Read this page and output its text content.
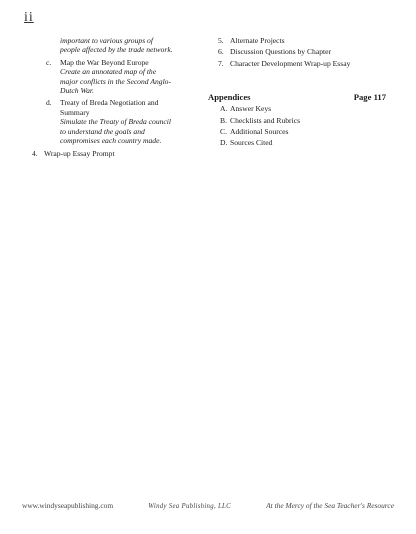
ii
important to various groups of
people affected by the trade network.
c. Map the War Beyond Europe
Create an annotated map of the
major conflicts in the Second Anglo-
Dutch War.
d. Treaty of Breda Negotiation and
Summary
Simulate the Treaty of Breda council
to understand the goals and
compromises each country made.
4. Wrap-up Essay Prompt
5. Alternate Projects
6. Discussion Questions by Chapter
7. Character Development Wrap-up Essay
Appendices	Page 117
A. Answer Keys
B. Checklists and Rubrics
C. Additional Sources
D. Sources Cited
www.windyseapublishing.com	Windy Sea Publishing, LLC	At the Mercy of the Sea Teacher's Resource
